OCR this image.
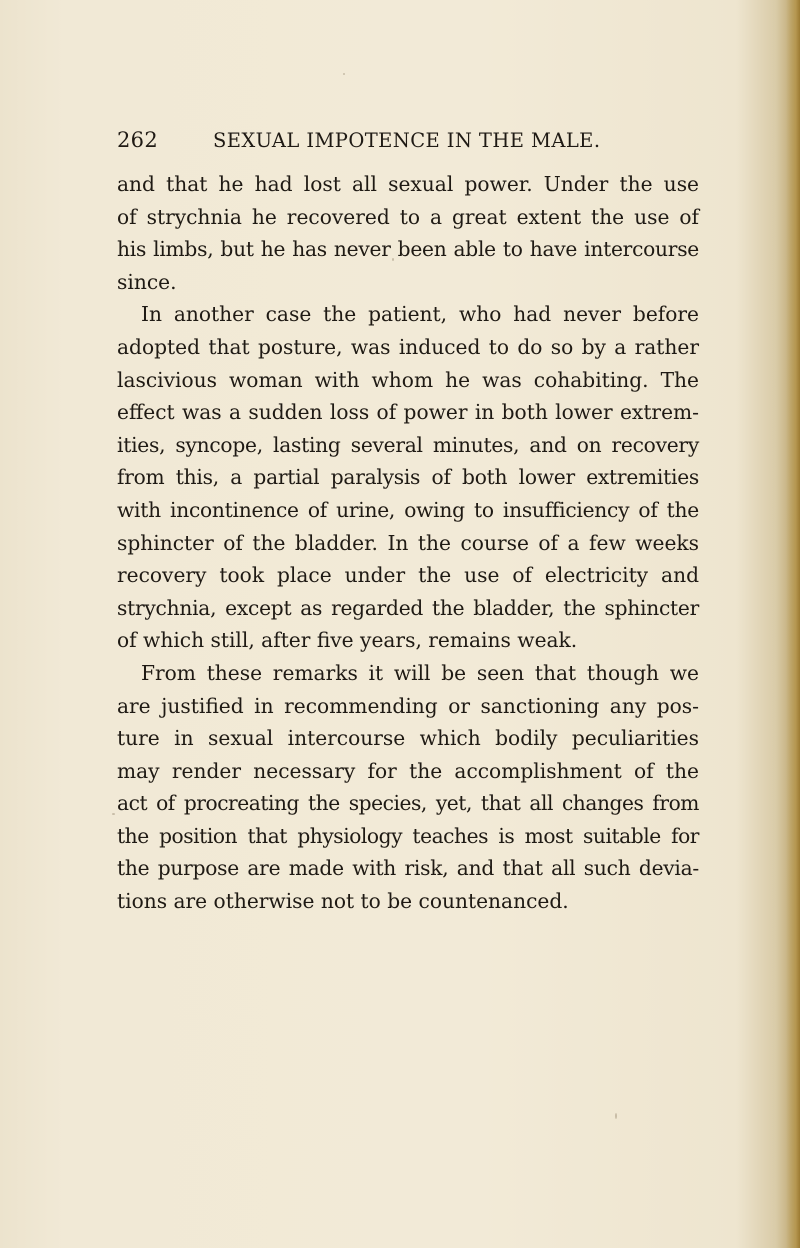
262	SEXUAL IMPOTENCE IN THE MALE.
and that he had lost all sexual power. Under the use
of strychnia he recovered to a great extent the use of
his limbs, but he has never been able to have intercourse
since.
In another case the patient, who had never before
adopted that posture, was induced to do so by a rather
lascivious woman with whom he was cohabiting. The
effect was a sudden loss of power in both lower extrem-
ities, syncope, lasting several minutes, and on recovery
from this, a partial paralysis of both lower extremities
with incontinence of urine, owing to insufficiency of the
sphincter of the bladder. In the course of a few weeks
recovery took place under the use of electricity and
strychnia, except as regarded the bladder, the sphincter
of which still, after five years, remains weak.
From these remarks it will be seen that though we
are justified in recommending or sanctioning any pos-
ture in sexual intercourse which bodily peculiarities
may render necessary for the accomplishment of the
act of procreating the species, yet, that all changes from
the position that physiology teaches is most suitable for
the purpose are made with risk, and that all such devia-
tions are otherwise not to be countenanced.
